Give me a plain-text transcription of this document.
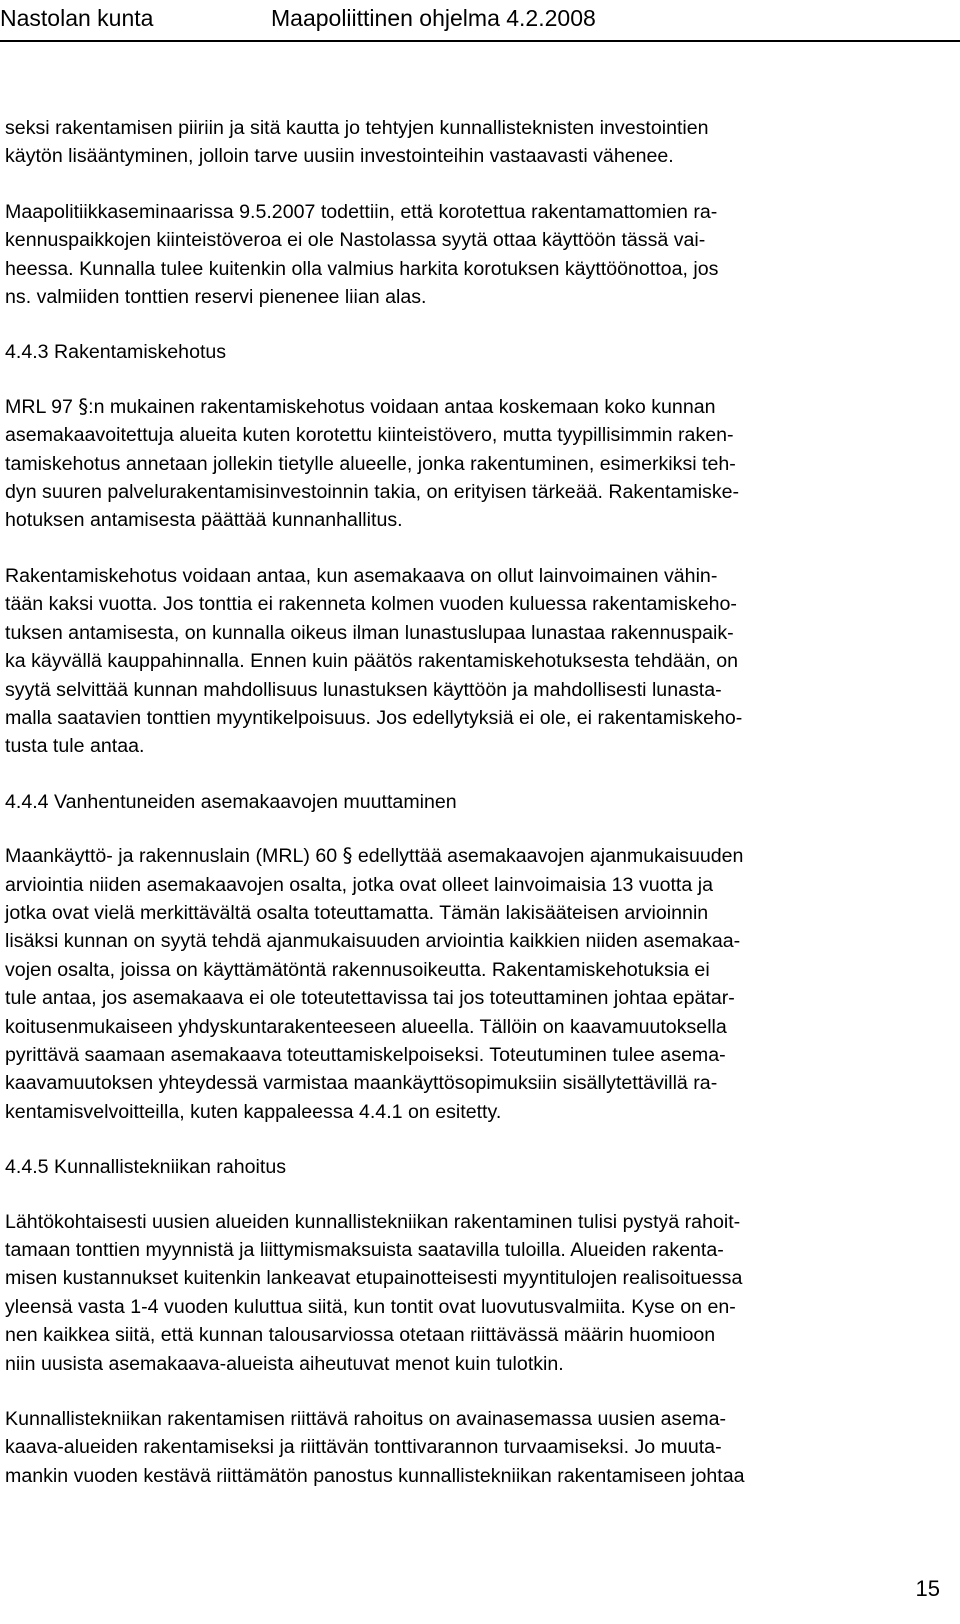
Nastolan kunta	Maapoliittinen ohjelma 4.2.2008
seksi rakentamisen piiriin ja sitä kautta jo tehtyjen kunnallisteknisten investointien
käytön lisääntyminen, jolloin tarve uusiin investointeihin vastaavasti vähenee.
Maapolitiikkaseminaarissa 9.5.2007 todettiin, että korotettua rakentamattomien ra-
kennuspaikkojen kiinteistöveroa ei ole Nastolassa syytä ottaa käyttöön tässä vai-
heessa. Kunnalla tulee kuitenkin olla valmius harkita korotuksen käyttöönottoa, jos
ns. valmiiden tonttien reservi pienenee liian alas.
4.4.3 Rakentamiskehotus
MRL 97 §:n mukainen rakentamiskehotus voidaan antaa koskemaan koko kunnan
asemakaavoitettuja alueita kuten korotettu kiinteistövero, mutta tyypillisimmin raken-
tamiskehotus annetaan jollekin tietylle alueelle, jonka rakentuminen, esimerkiksi teh-
dyn suuren palvelurakentamisinvestoinnin takia, on erityisen tärkeää. Rakentamiske-
hotuksen antamisesta päättää kunnanhallitus.
Rakentamiskehotus voidaan antaa, kun asemakaava on ollut lainvoimainen vähin-
tään kaksi vuotta. Jos tonttia ei rakenneta kolmen vuoden kuluessa rakentamiskeho-
tuksen antamisesta, on kunnalla oikeus ilman lunastuslupaa lunastaa rakennuspaik-
ka käyvällä kauppahinnalla. Ennen kuin päätös rakentamiskehotuksesta tehdään, on
syytä selvittää kunnan mahdollisuus lunastuksen käyttöön ja mahdollisesti lunasta-
malla saatavien tonttien myyntikelpoisuus. Jos edellytyksiä ei ole, ei rakentamiskeho-
tusta tule antaa.
4.4.4 Vanhentuneiden asemakaavojen muuttaminen
Maankäyttö- ja rakennuslain (MRL) 60 § edellyttää asemakaavojen ajanmukaisuuden
arviointia niiden asemakaavojen osalta, jotka ovat olleet lainvoimaisia 13 vuotta ja
jotka ovat vielä merkittävältä osalta toteuttamatta. Tämän lakisääteisen arvioinnin
lisäksi kunnan on syytä tehdä ajanmukaisuuden arviointia kaikkien niiden asemakaa-
vojen osalta, joissa on käyttämätöntä rakennusoikeutta. Rakentamiskehotuksia ei
tule antaa, jos asemakaava ei ole toteutettavissa tai jos toteuttaminen johtaa epätar-
koitusenmukaiseen yhdyskuntarakenteeseen alueella. Tällöin on kaavamuutoksella
pyrittävä saamaan asemakaava toteuttamiskelpoiseksi. Toteutuminen tulee asema-
kaavamuutoksen yhteydessä varmistaa maankäyttösopimuksiin sisällytettävillä ra-
kentamisvelvoitteilla, kuten kappaleessa 4.4.1 on esitetty.
4.4.5 Kunnallistekniikan rahoitus
Lähtökohtaisesti uusien alueiden kunnallistekniikan rakentaminen tulisi pystyä rahoit-
tamaan tonttien myynnistä ja liittymismaksuista saatavilla tuloilla. Alueiden rakenta-
misen kustannukset kuitenkin lankeavat etupainotteisesti myyntitulojen realisoituessa
yleensä vasta 1-4 vuoden kuluttua siitä, kun tontit ovat luovutusvalmiita. Kyse on en-
nen kaikkea siitä, että kunnan talousarviossa otetaan riittävässä määrin huomioon
niin uusista asemakaava-alueista aiheutuvat menot kuin tulotkin.
Kunnallistekniikan rakentamisen riittävä rahoitus on avainasemassa uusien asema-
kaava-alueiden rakentamiseksi ja riittävän tonttivarannon turvaamiseksi. Jo muuta-
mankin vuoden kestävä riittämätön panostus kunnallistekniikan rakentamiseen johtaa
15
